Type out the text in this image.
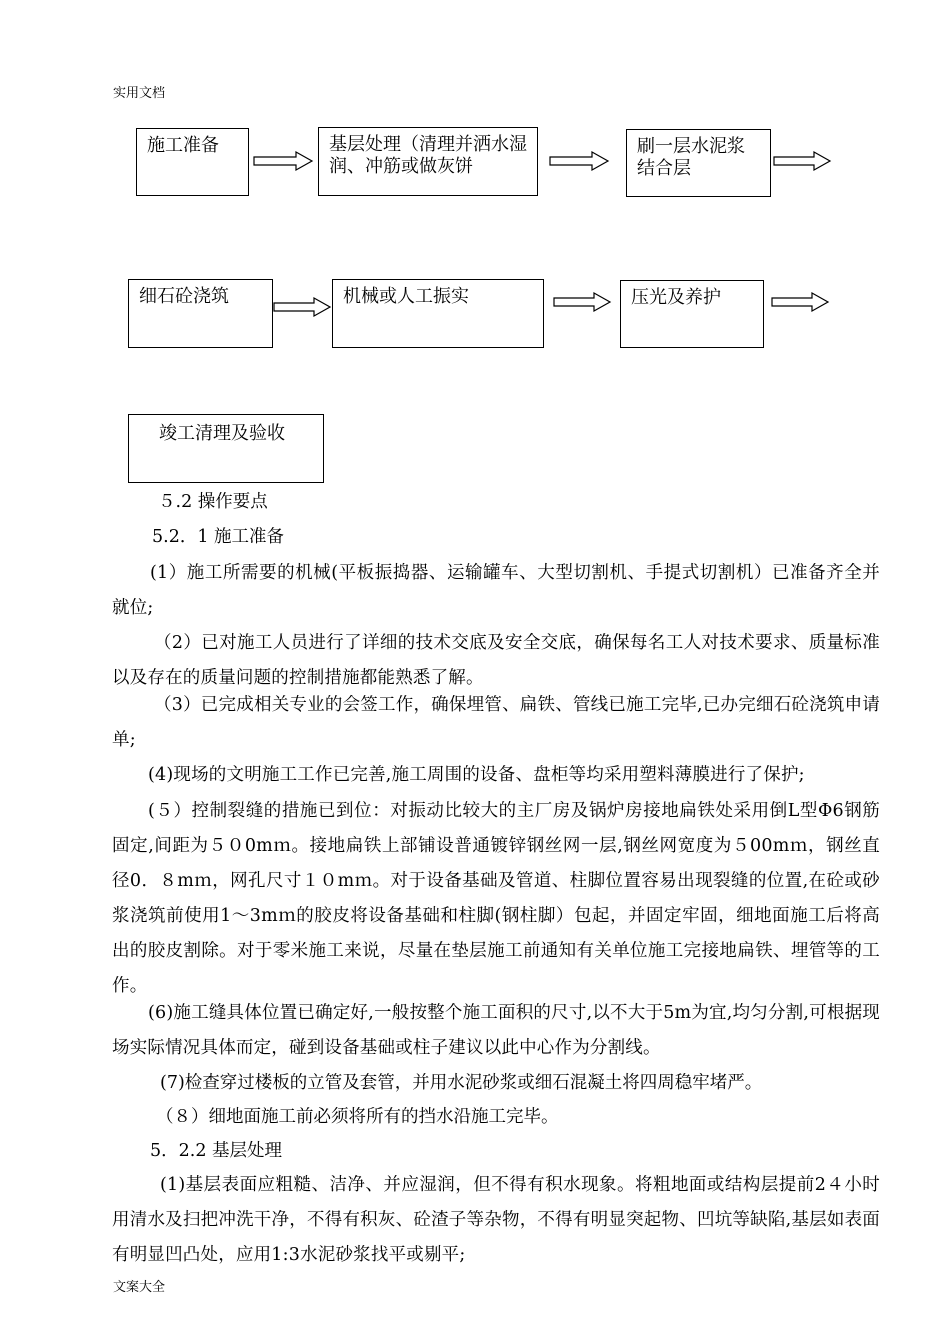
实用文档
施工准备	基层处理（清理并洒水湿润、冲筋或做灰饼
刷一层水泥浆结合层
细石砼浇筑	机械或人工振实	压光及养护
竣工清理及验收
５.2 操作要点
5.2．1 施工准备

(1）施工所需要的机械(平板振捣器、运输罐车、大型切割机、手提式切割机）已准备齐全并就位;

（2）已对施工人员进行了详细的技术交底及安全交底，确保每名工人对技术要求、质量标准以及存在的质量问题的控制措施都能熟悉了解。

（3）已完成相关专业的会签工作，确保埋管、扁铁、管线已施工完毕,已办完细石砼浇筑申请单;

(4)现场的文明施工工作已完善,施工周围的设备、盘柜等均采用塑料薄膜进行了保护;

(５）控制裂缝的措施已到位：对振动比较大的主厂房及锅炉房接地扁铁处采用倒L型Φ6钢筋固定,间距为５０0mｍ。接地扁铁上部铺设普通镀锌钢丝网一层,钢丝网宽度为５00mｍ，钢丝直径0．８mｍ，网孔尺寸１０mｍ。对于设备基础及管道、柱脚位置容易出现裂缝的位置,在砼或砂浆浇筑前使用1～3mｍ的胶皮将设备基础和柱脚(钢柱脚）包起，并固定牢固，细地面施工后将高出的胶皮割除。对于零米施工来说，尽量在垫层施工前通知有关单位施工完接地扁铁、埋管等的工作。

(6)施工缝具体位置已确定好,一般按整个施工面积的尺寸,以不大于5m为宜,均匀分割,可根据现场实际情况具体而定，碰到设备基础或柱子建议以此中心作为分割线。

(7)检查穿过楼板的立管及套管，并用水泥砂浆或细石混凝土将四周稳牢堵严。
（８）细地面施工前必须将所有的挡水沿施工完毕。
5．2.2 基层处理

(1)基层表面应粗糙、洁净、并应湿润，但不得有积水现象。将粗地面或结构层提前2４小时用清水及扫把冲洗干净，不得有积灰、砼渣子等杂物，不得有明显突起物、凹坑等缺陷,基层如表面有明显凹凸处，应用1:3水泥砂浆找平或剔平;

文案大全
